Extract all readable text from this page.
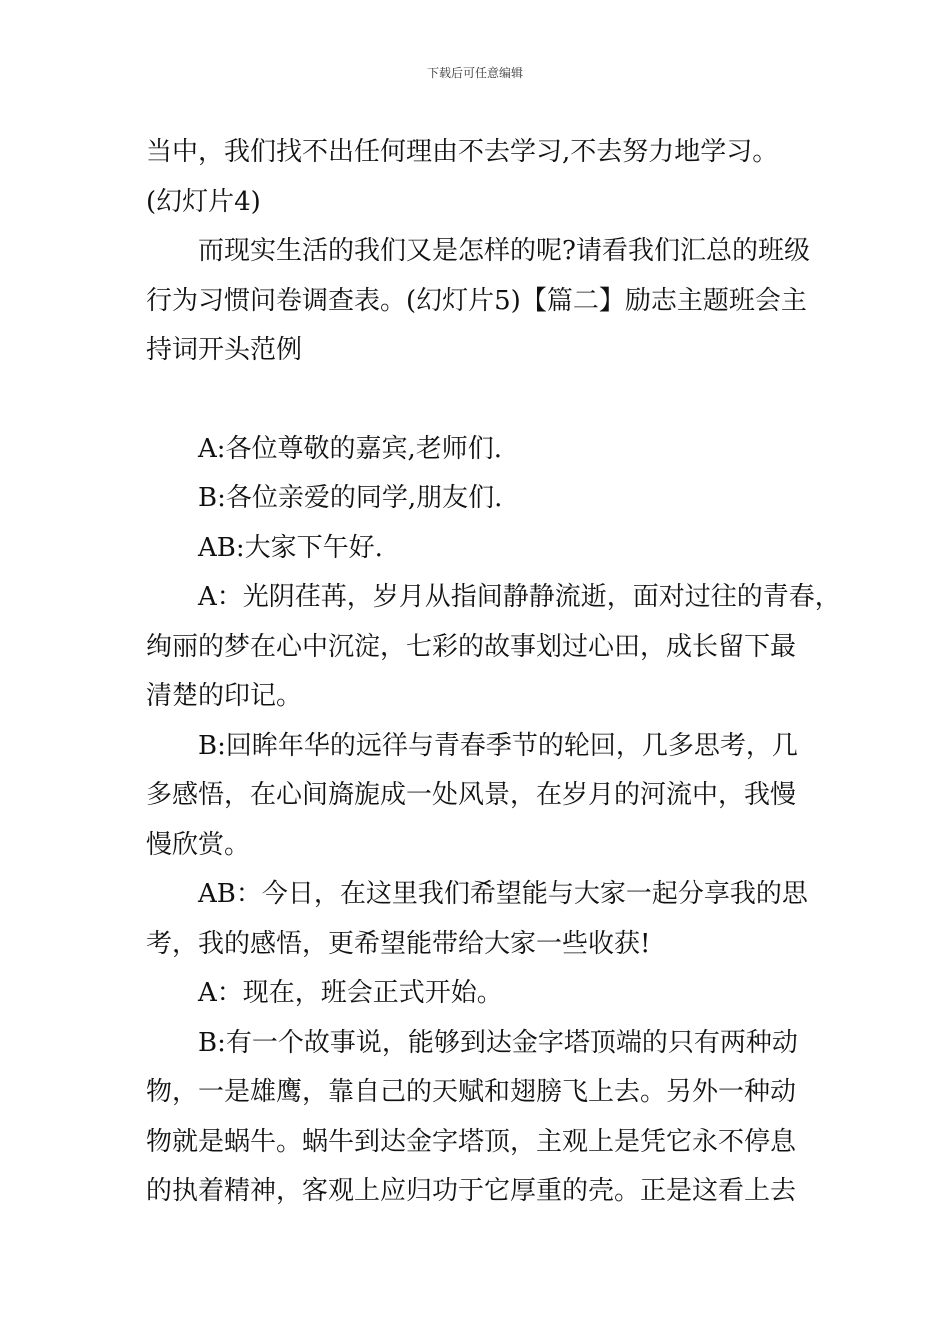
下载后可任意编辑
当中，我们找不出任何理由不去学习,不去努力地学习。
(幻灯片4)
而现实生活的我们又是怎样的呢?请看我们汇总的班级
行为习惯问卷调查表。(幻灯片5)【篇二】励志主题班会主
持词开头范例
A:各位尊敬的嘉宾,老师们.
B:各位亲爱的同学,朋友们.
AB:大家下午好.
A：光阴荏苒，岁月从指间静静流逝，面对过往的青春，
绚丽的梦在心中沉淀，七彩的故事划过心田，成长留下最
清楚的印记。
B:回眸年华的远徉与青春季节的轮回，几多思考，几
多感悟，在心间旖旎成一处风景，在岁月的河流中，我慢
慢欣赏。
AB：今日，在这里我们希望能与大家一起分享我的思
考，我的感悟，更希望能带给大家一些收获!
A：现在，班会正式开始。
B:有一个故事说，能够到达金字塔顶端的只有两种动
物，一是雄鹰，靠自己的天赋和翅膀飞上去。另外一种动
物就是蜗牛。蜗牛到达金字塔顶，主观上是凭它永不停息
的执着精神，客观上应归功于它厚重的壳。正是这看上去
